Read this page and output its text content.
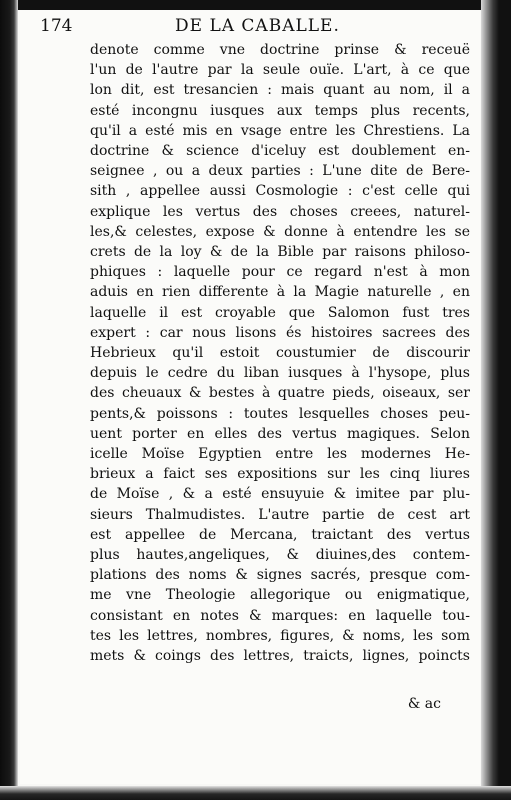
174	DE LA CABALLE.
denote comme vne doctrine prinse & receuë
l'un de l'autre par la seule ouïe. L'art, à ce que
lon dit, est tresancien : mais quant au nom, il a
esté incongnu iusques aux temps plus recents,
qu'il a esté mis en vsage entre les Chrestiens. La
doctrine & science d'iceluy est doublement en-
seignee , ou a deux parties : L'une dite de Bere-
sith , appellee aussi Cosmologie : c'est celle qui
explique les vertus des choses creees, naturel-
les,& celestes, expose & donne à entendre les se
crets de la loy & de la Bible par raisons philoso-
phiques : laquelle pour ce regard n'est à mon
aduis en rien differente à la Magie naturelle , en
laquelle il est croyable que Salomon fust tres
expert : car nous lisons és histoires sacrees des
Hebrieux qu'il estoit coustumier de discourir
depuis le cedre du liban iusques à l'hysope, plus
des cheuaux & bestes à quatre pieds, oiseaux, ser
pents,& poissons : toutes lesquelles choses peu-
uent porter en elles des vertus magiques. Selon
icelle Moïse Egyptien entre les modernes He-
brieux a faict ses expositions sur les cinq liures
de Moïse , & a esté ensuyuie & imitee par plu-
sieurs Thalmudistes. L'autre partie de cest art
est appellee de Mercana, traictant des vertus
plus hautes,angeliques, & diuines,des contem-
plations des noms & signes sacrés, presque com-
me vne Theologie allegorique ou enigmatique,
consistant en notes & marques: en laquelle tou-
tes les lettres, nombres, figures, & noms, les som
mets & coings des lettres, traicts, lignes, poincts
& ac
